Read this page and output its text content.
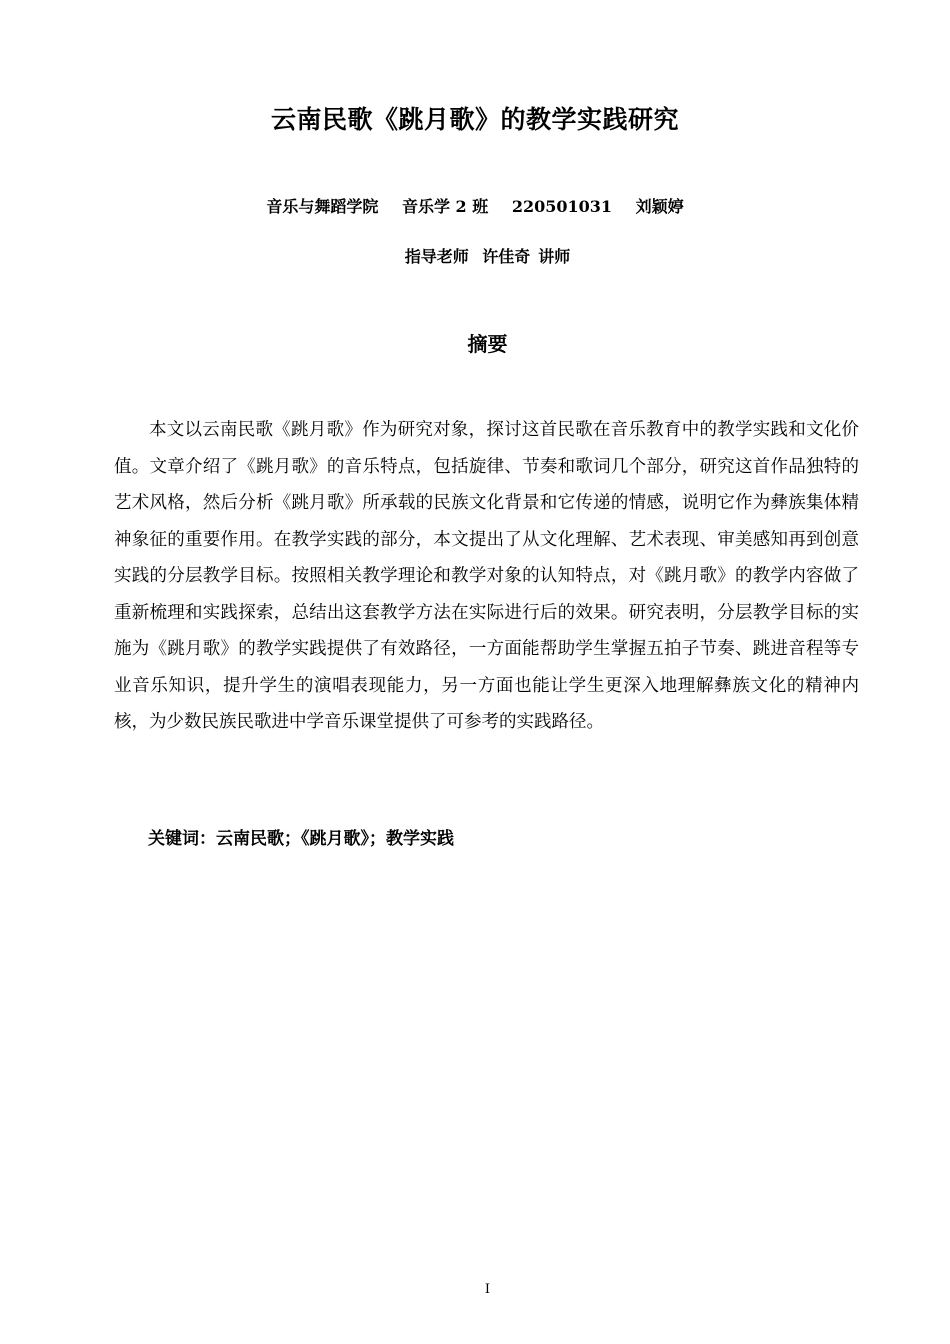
云南民歌《跳月歌》的教学实践研究
音乐与舞蹈学院 音乐学 2 班 220501031 刘颖婷
指导老师 许佳奇 讲师
摘要

本文以云南民歌《跳月歌》作为研究对象，探讨这首民歌在音乐教育中的教学实践和文化价值。文章介绍了《跳月歌》的音乐特点，包括旋律、节奏和歌词几个部分，研究这首作品独特的艺术风格，然后分析《跳月歌》所承载的民族文化背景和它传递的情感，说明它作为彝族集体精神象征的重要作用。在教学实践的部分，本文提出了从文化理解、艺术表现、审美感知再到创意实践的分层教学目标。按照相关教学理论和教学对象的认知特点，对《跳月歌》的教学内容做了重新梳理和实践探索，总结出这套教学方法在实际进行后的效果。研究表明，分层教学目标的实施为《跳月歌》的教学实践提供了有效路径，一方面能帮助学生掌握五拍子节奏、跳进音程等专业音乐知识，提升学生的演唱表现能力，另一方面也能让学生更深入地理解彝族文化的精神内核，为少数民族民歌进中学音乐课堂提供了可参考的实践路径。

关键词：云南民歌；《跳月歌》；教学实践
I
